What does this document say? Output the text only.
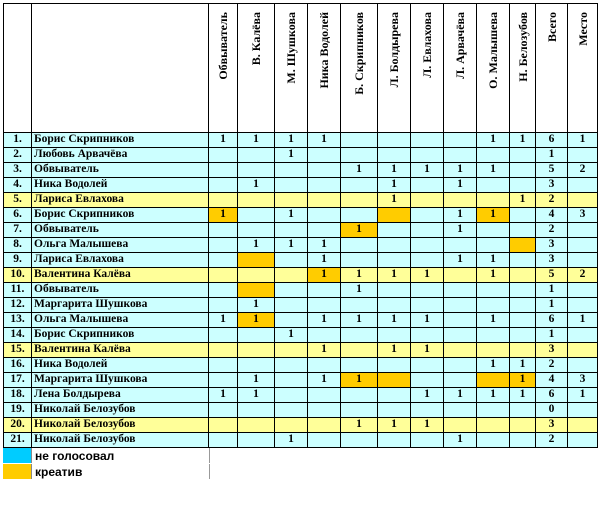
		Обвыватель	В. Калёва	М. Шушкова	Ника Водолей	Б. Скрипников	Л. Болдырева	Л. Евлахова	Л. Арвачёва	О. Малышева	Н. Белозубов	Всего	Место

1.	Борис Скрипников	1	1	1	1					1	1	6	1
2.	Любовь Арвачёва			1								1	
3.	Обвыватель					1	1	1	1	1		5	2
4.	Ника Водолей		1				1		1			3	
5.	Лариса Евлахова						1				1	2	
6.	Борис Скрипников	1		1					1	1		4	3
7.	Обвыватель					1			1			2	
8.	Ольга Малышева		1	1	1							3	
9.	Лариса Евлахова				1				1	1		3	
10.	Валентина Калёва				1	1	1	1		1		5	2
11.	Обвыватель					1						1	
12.	Маргарита Шушкова		1									1	
13.	Ольга Малышева	1	1		1	1	1	1		1		6	1
14.	Борис Скрипников			1								1	
15.	Валентина Калёва				1		1	1				3	
16.	Ника Водолей									1	1	2	
17.	Маргарита Шушкова		1		1	1					1	4	3
18.	Лена Болдырева	1	1					1	1	1	1	6	1
19.	Николай Белозубов											0	
20.	Николай Белозубов					1	1	1				3	
21.	Николай Белозубов			1					1			2	
не голосовал
креатив
